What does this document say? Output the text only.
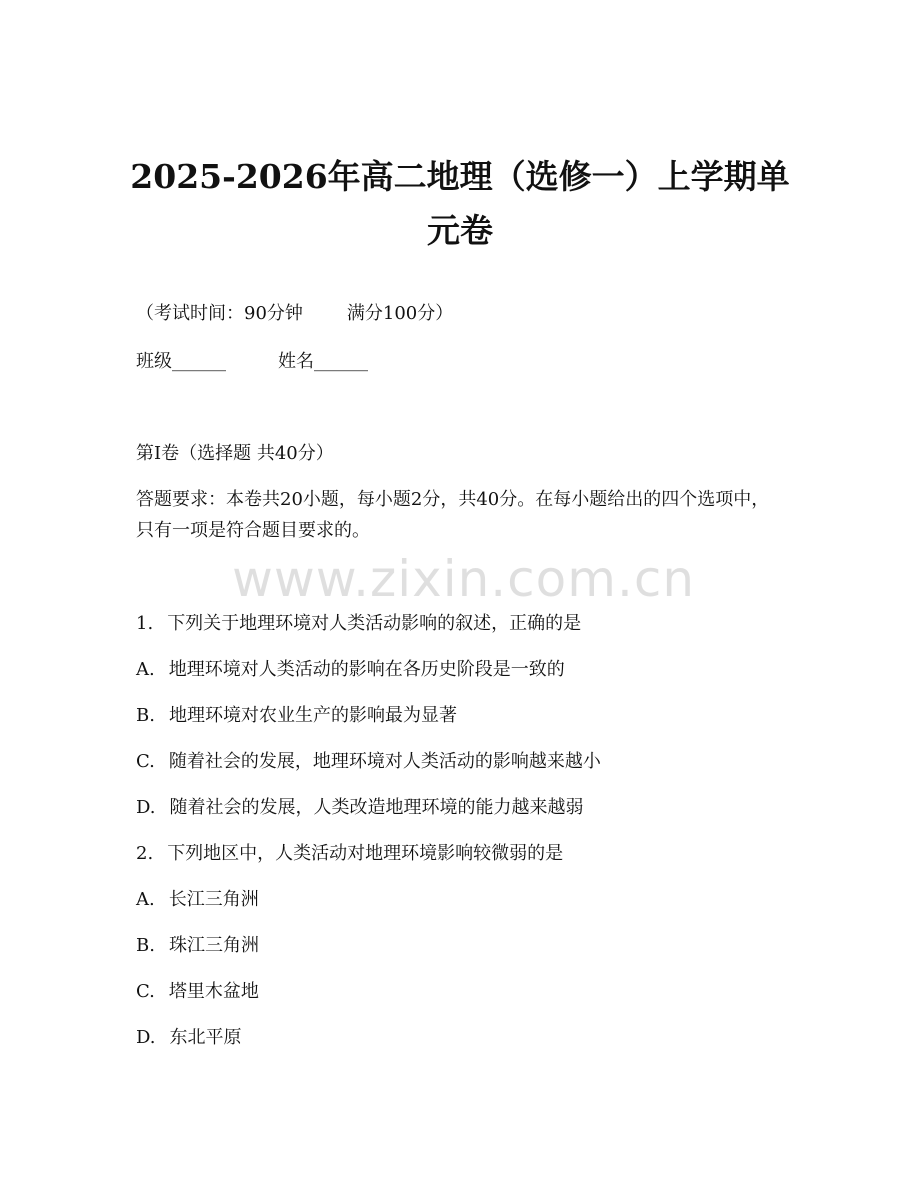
2025-2026年高二地理（选修一）上学期单元卷

（考试时间：90分钟 满分100分）

班级______	姓名______

第Ⅰ卷（选择题 共40分）

答题要求：本卷共20小题，每小题2分，共40分。在每小题给出的四个选项中，只有一项是符合题目要求的。

www.zixin.com.cn

1. 下列关于地理环境对人类活动影响的叙述，正确的是

A. 地理环境对人类活动的影响在各历史阶段是一致的

B. 地理环境对农业生产的影响最为显著

C. 随着社会的发展，地理环境对人类活动的影响越来越小

D. 随着社会的发展，人类改造地理环境的能力越来越弱

2. 下列地区中，人类活动对地理环境影响较微弱的是

A. 长江三角洲

B. 珠江三角洲

C. 塔里木盆地

D. 东北平原
